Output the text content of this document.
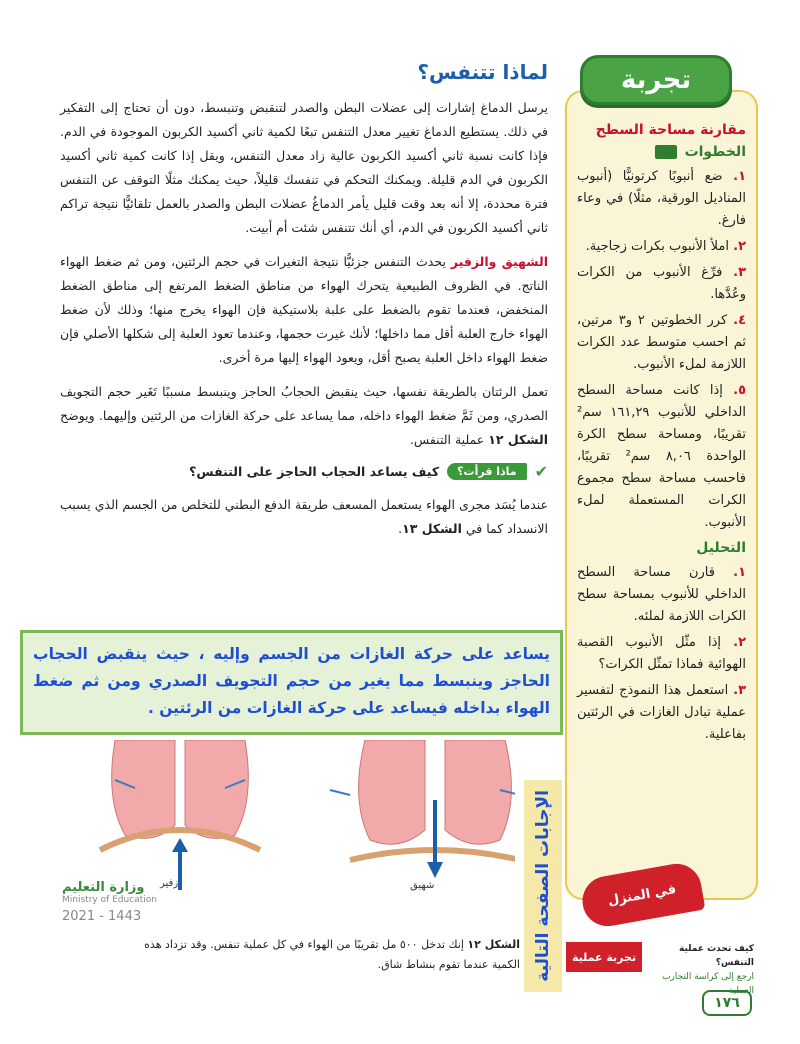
لماذا تتنفس؟

يرسل الدماغ إشارات إلى عضلات البطن والصدر لتنقبض وتنبسط، دون أن تحتاج إلى التفكير في ذلك. يستطيع الدماغ تغيير معدل التنفس تبعًا لكمية ثاني أكسيد الكربون الموجودة في الدم. فإذا كانت نسبة ثاني أكسيد الكربون عالية زاد معدل التنفس، ويقل إذا كانت كمية ثاني أكسيد الكربون في الدم قليلة. ويمكنك التحكم في تنفسك قليلاً، حيث يمكنك مثلًا التوقف عن التنفس فترة محددة، إلا أنه بعد وقت قليل يأمر الدماغُ عضلات البطن والصدر بالعمل تلقائيًّا نتيجة تراكم ثاني أكسيد الكربون في الدم، أي أنك تتنفس شئت أم أبيت.

الشهيق والزفير يحدث التنفس جزئيًّا نتيجة التغيرات في حجم الرئتين، ومن ثم ضغط الهواء الناتج. في الظروف الطبيعية يتحرك الهواء من مناطق الضغط المرتفع إلى مناطق الضغط المنخفض، فعندما تقوم بالضغط على علبة بلاستيكية فإن الهواء يخرج منها؛ وذلك لأن ضغط الهواء خارج العلبة أقل مما داخلها؛ لأنك غيرت حجمها، وعندما تعود العلبة إلى شكلها الأصلي فإن ضغط الهواء داخل العلبة يصبح أقل، ويعود الهواء إليها مرة أخرى.

تعمل الرئتان بالطريقة نفسها، حيث ينقبض الحجابُ الحاجز وينبسط مسببًا تَغَير حجم التجويف الصدري، ومن ثَمَّ ضغط الهواء داخله، مما يساعد على حركة الغازات من الرئتين وإليهما. ويوضح الشكل ١٢ عملية التنفس.

✔
ماذا قرأت؟
كيف يساعد الحجاب الحاجز على التنفس؟

عندما يُسَد مجرى الهواء يستعمل المسعف طريقة الدفع البطني للتخلص من الجسم الذي يسبب الانسداد كما في الشكل ١٣.

يساعد على حركة الغازات من الجسم وإليه ، حيث ينقبض الحجاب الحاجز وينبسط مما يغير من حجم التجويف الصدري ومن ثم ضغط الهواء بداخله فيساعد على حركة الغازات من الرئتين .
زفير	شهيق
الشكل ١٢ إنك تدخل ٥٠٠ مل تقريبًا من الهواء في كل عملية تنفس. وقد تزداد هذه الكمية عندما تقوم بنشاط شاق.
وزارة التعليم
Ministry of Education
2021 - 1443	الإجابات الصفحة التالية
مقارنة مساحة السطح
الخطوات
١. ضع أنبوبًا كرتونيًّا (أنبوب المناديل الورقية، مثلًا) في وعاء فارغ.
٢. املأ الأنبوب بكرات زجاجية.
٣. فرِّغ الأنبوب من الكرات وعُدَّها.
٤. كرر الخطوتين ٢ و٣ مرتين، ثم احسب متوسط عدد الكرات اللازمة لملء الأنبوب.
٥. إذا كانت مساحة السطح الداخلي للأنبوب ١٦١,٢٩ سم² تقريبًا، ومساحة سطح الكرة الواحدة ٨,٠٦ سم² تقريبًا، فاحسب مساحة سطح مجموع الكرات المستعملة لملء الأنبوب.
التحليل
١. قارن مساحة السطح الداخلي للأنبوب بمساحة سطح الكرات اللازمة لملئه.
٢. إذا مثّل الأنبوب القصبة الهوائية فماذا تمثّل الكرات؟
٣. استعمل هذا النموذج لتفسير عملية تبادل الغازات في الرئتين بفاعلية.
تجربة
في المنزل
كيف تحدث عملية التنفس؟
ارجع إلى كراسة التجارب العملية
تجربة عملية
١٧٦
